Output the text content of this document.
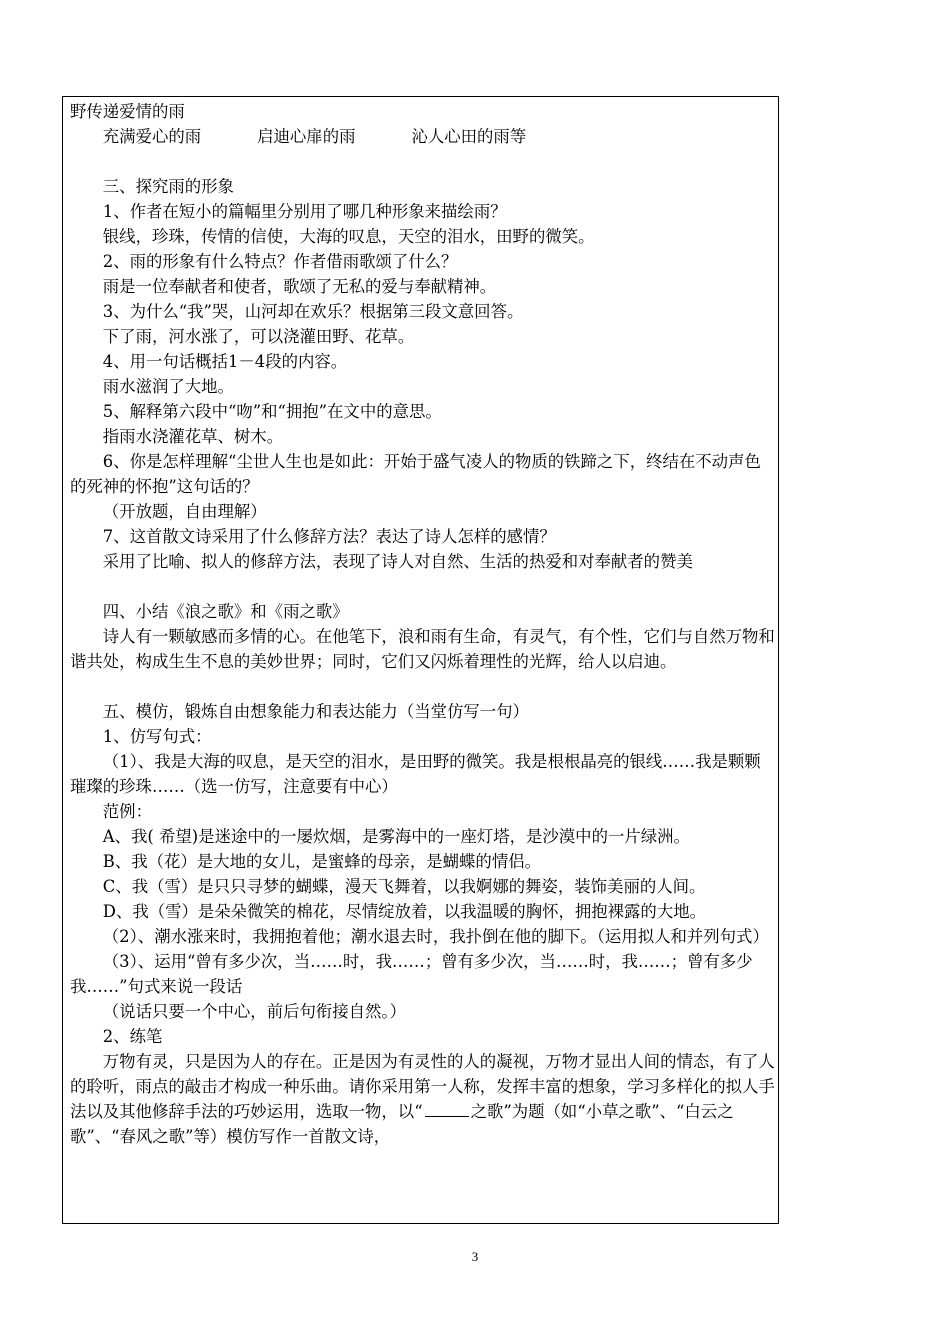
野传递爱情的雨

充满爱心的雨	启迪心扉的雨	沁人心田的雨等

三、探究雨的形象

1、作者在短小的篇幅里分别用了哪几种形象来描绘雨？

银线，珍珠，传情的信使，大海的叹息，天空的泪水，田野的微笑。

2、雨的形象有什么特点？作者借雨歌颂了什么？

雨是一位奉献者和使者，歌颂了无私的爱与奉献精神。

3、为什么“我”哭，山河却在欢乐？根据第三段文意回答。

下了雨，河水涨了，可以浇灌田野、花草。

4、用一句话概括1－4段的内容。

雨水滋润了大地。

5、解释第六段中“吻”和“拥抱”在文中的意思。

指雨水浇灌花草、树木。

6、你是怎样理解“尘世人生也是如此：开始于盛气凌人的物质的铁蹄之下，终结在不动声色的死神的怀抱”这句话的？

（开放题，自由理解）

7、这首散文诗采用了什么修辞方法？表达了诗人怎样的感情？

采用了比喻、拟人的修辞方法，表现了诗人对自然、生活的热爱和对奉献者的赞美

四、小结《浪之歌》和《雨之歌》

诗人有一颗敏感而多情的心。在他笔下，浪和雨有生命，有灵气，有个性，它们与自然万物和谐共处，构成生生不息的美妙世界；同时，它们又闪烁着理性的光辉，给人以启迪。

五、模仿，锻炼自由想象能力和表达能力（当堂仿写一句）

1、仿写句式：

（1）、我是大海的叹息，是天空的泪水，是田野的微笑。我是根根晶亮的银线……我是颗颗璀璨的珍珠……（选一仿写，注意要有中心）

范例：

A、我( 希望)是迷途中的一屡炊烟，是雾海中的一座灯塔，是沙漠中的一片绿洲。

B、我（花）是大地的女儿，是蜜蜂的母亲，是蝴蝶的情侣。

C、我（雪）是只只寻梦的蝴蝶，漫天飞舞着，以我婀娜的舞姿，装饰美丽的人间。

D、我（雪）是朵朵微笑的棉花，尽情绽放着，以我温暖的胸怀，拥抱裸露的大地。

（2）、潮水涨来时，我拥抱着他；潮水退去时，我扑倒在他的脚下。（运用拟人和并列句式）

（3）、运用“曾有多少次，当……时，我……；曾有多少次，当……时，我……；曾有多少我……”句式来说一段话

（说话只要一个中心，前后句衔接自然。）

2、练笔

万物有灵，只是因为人的存在。正是因为有灵性的人的凝视，万物才显出人间的情态，有了人的聆听，雨点的敲击才构成一种乐曲。请你采用第一人称，发挥丰富的想象，学习多样化的拟人手法以及其他修辞手法的巧妙运用，选取一物，以“	之歌”为题（如“小草之歌”、“白云之歌”、“春风之歌”等）模仿写作一首散文诗，

3
